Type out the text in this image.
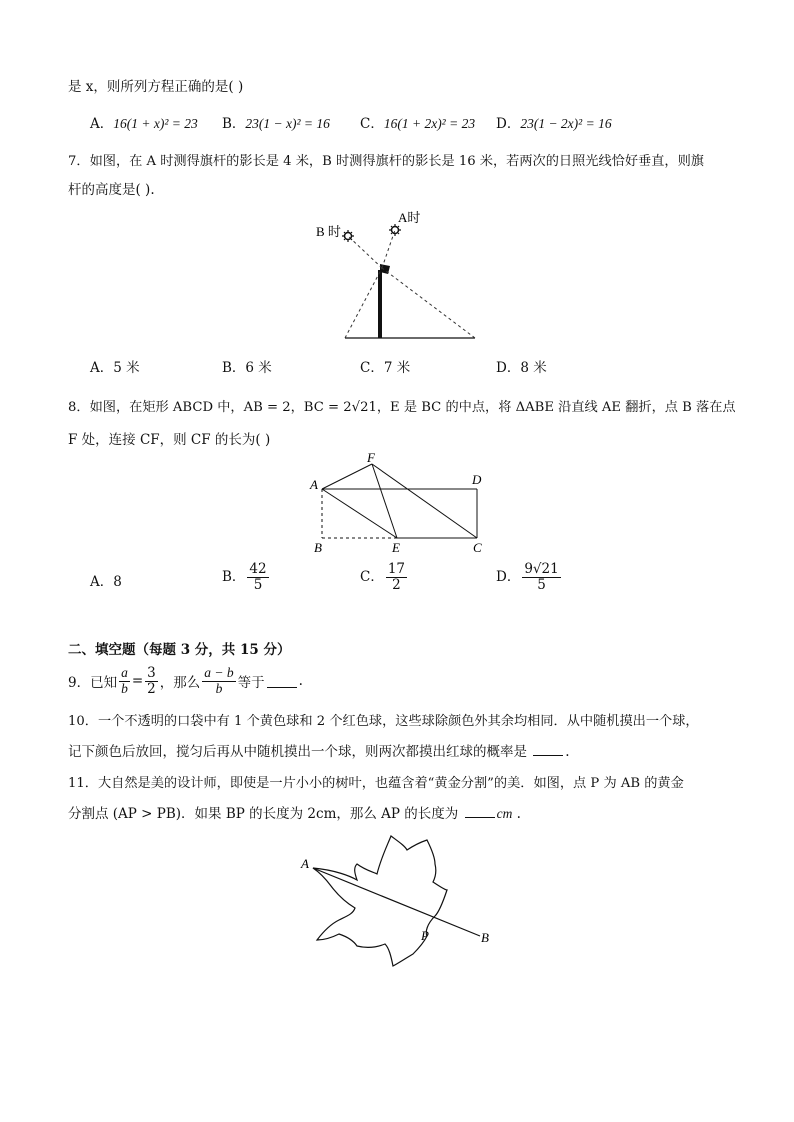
是 x，则所列方程正确的是( )
A．16(1 + x)² = 23 B．23(1 − x)² = 16 C．16(1 + 2x)² = 23 D．23(1 − 2x)² = 16
7．如图，在 A 时测得旗杆的影长是 4 米，B 时测得旗杆的影长是 16 米，若两次的日照光线恰好垂直，则旗
杆的高度是( ).
B 时
A时
A．5 米	B．6 米	C．7 米	D．8 米
8．如图，在矩形 ABCD 中，AB = 2，BC = 2√21，E 是 BC 的中点，将 ΔABE 沿直线 AE 翻折，点 B 落在点
F 处，连接 CF，则 CF 的长为( )
A
F
D
B	E	C
A．8	B． $\frac{42}{5}$	C． $\frac{17}{2}$	D． $\frac{9√21}{5}$
二、填空题（每题 3 分，共 15 分）
9．已知 $\frac{a}{b} = \frac{3}{2}$ ，那么 $\frac{a - b}{b}$ 等于	.
10．一个不透明的口袋中有 1 个黄色球和 2 个红色球，这些球除颜色外其余均相同．从中随机摸出一个球，
记下颜色后放回，搅匀后再从中随机摸出一个球，则两次都摸出红球的概率是	.
11．大自然是美的设计师，即使是一片小小的树叶，也蕴含着“黄金分割”的美．如图，点 P 为 AB 的黄金
分割点 (AP > PB)．如果 BP 的长度为 2cm，那么 AP 的长度为	cm .
A
P	B
